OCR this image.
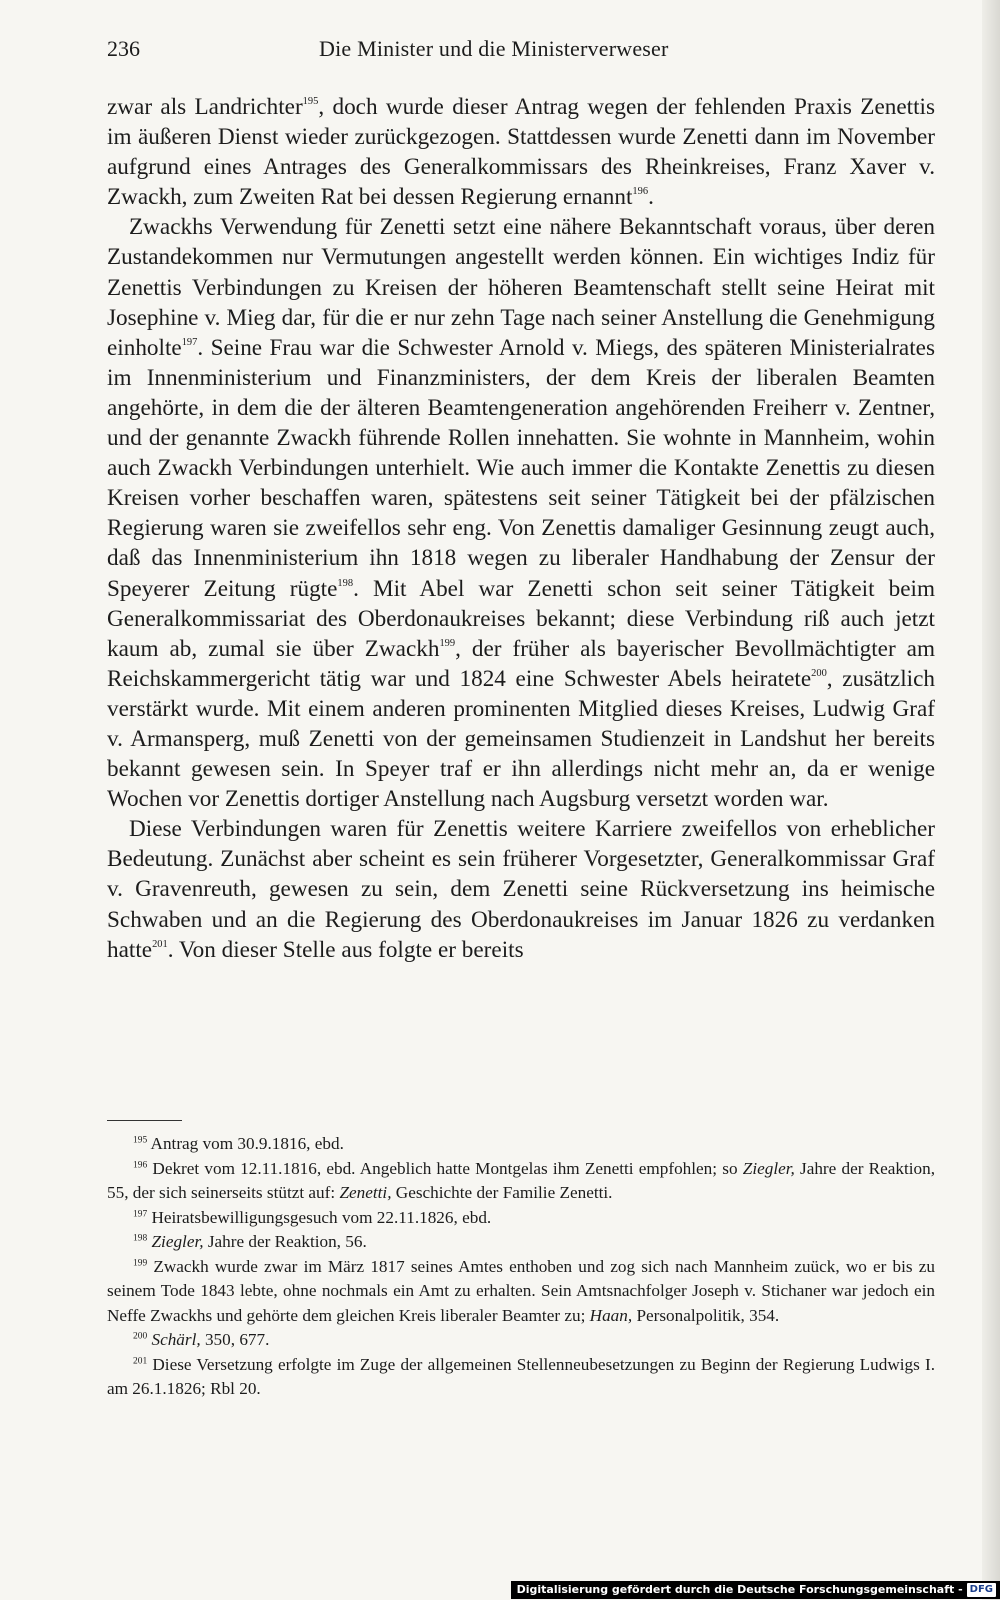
236	Die Minister und die Ministerverweser

zwar als Landrichter$^{195}$, doch wurde dieser Antrag wegen der fehlenden Praxis Zenettis im äußeren Dienst wieder zurückgezogen. Stattdessen wurde Zenetti dann im November aufgrund eines Antrages des Generalkommissars des Rheinkreises, Franz Xaver v. Zwackh, zum Zweiten Rat bei dessen Regierung ernannt$^{196}$.

Zwackhs Verwendung für Zenetti setzt eine nähere Bekanntschaft voraus, über deren Zustandekommen nur Vermutungen angestellt werden können. Ein wichtiges Indiz für Zenettis Verbindungen zu Kreisen der höheren Beamtenschaft stellt seine Heirat mit Josephine v. Mieg dar, für die er nur zehn Tage nach seiner Anstellung die Genehmigung einholte$^{197}$. Seine Frau war die Schwester Arnold v. Miegs, des späteren Ministerialrates im Innenministerium und Finanzministers, der dem Kreis der liberalen Beamten angehörte, in dem die der älteren Beamtengeneration angehörenden Freiherr v. Zentner, und der genannte Zwackh führende Rollen innehatten. Sie wohnte in Mannheim, wohin auch Zwackh Verbindungen unterhielt. Wie auch immer die Kontakte Zenettis zu diesen Kreisen vorher beschaffen waren, spätestens seit seiner Tätigkeit bei der pfälzischen Regierung waren sie zweifellos sehr eng. Von Zenettis damaliger Gesinnung zeugt auch, daß das Innenministerium ihn 1818 wegen zu liberaler Handhabung der Zensur der Speyerer Zeitung rügte$^{198}$. Mit Abel war Zenetti schon seit seiner Tätigkeit beim Generalkommissariat des Oberdonaukreises bekannt; diese Verbindung riß auch jetzt kaum ab, zumal sie über Zwackh$^{199}$, der früher als bayerischer Bevollmächtigter am Reichskammergericht tätig war und 1824 eine Schwester Abels heiratete$^{200}$, zusätzlich verstärkt wurde. Mit einem anderen prominenten Mitglied dieses Kreises, Ludwig Graf v. Armansperg, muß Zenetti von der gemeinsamen Studienzeit in Landshut her bereits bekannt gewesen sein. In Speyer traf er ihn allerdings nicht mehr an, da er wenige Wochen vor Zenettis dortiger Anstellung nach Augsburg versetzt worden war.

Diese Verbindungen waren für Zenettis weitere Karriere zweifellos von erheblicher Bedeutung. Zunächst aber scheint es sein früherer Vorgesetzter, Generalkommissar Graf v. Gravenreuth, gewesen zu sein, dem Zenetti seine Rückversetzung ins heimische Schwaben und an die Regierung des Oberdonaukreises im Januar 1826 zu verdanken hatte$^{201}$. Von dieser Stelle aus folgte er bereits

$^{195}$ Antrag vom 30.9.1816, ebd.

$^{196}$ Dekret vom 12.11.1816, ebd. Angeblich hatte Montgelas ihm Zenetti empfohlen; so Ziegler, Jahre der Reaktion, 55, der sich seinerseits stützt auf: Zenetti, Geschichte der Familie Zenetti.

$^{197}$ Heiratsbewilligungsgesuch vom 22.11.1826, ebd.

$^{198}$ Ziegler, Jahre der Reaktion, 56.

$^{199}$ Zwackh wurde zwar im März 1817 seines Amtes enthoben und zog sich nach Mannheim zuück, wo er bis zu seinem Tode 1843 lebte, ohne nochmals ein Amt zu erhalten. Sein Amtsnachfolger Joseph v. Stichaner war jedoch ein Neffe Zwackhs und gehörte dem gleichen Kreis liberaler Beamter zu; Haan, Personalpolitik, 354.

$^{200}$ Schärl, 350, 677.

$^{201}$ Diese Versetzung erfolgte im Zuge der allgemeinen Stellenneubesetzungen zu Beginn der Regierung Ludwigs I. am 26.1.1826; Rbl 20.

Digitalisierung gefördert durch die Deutsche Forschungsgemeinschaft - DFG
